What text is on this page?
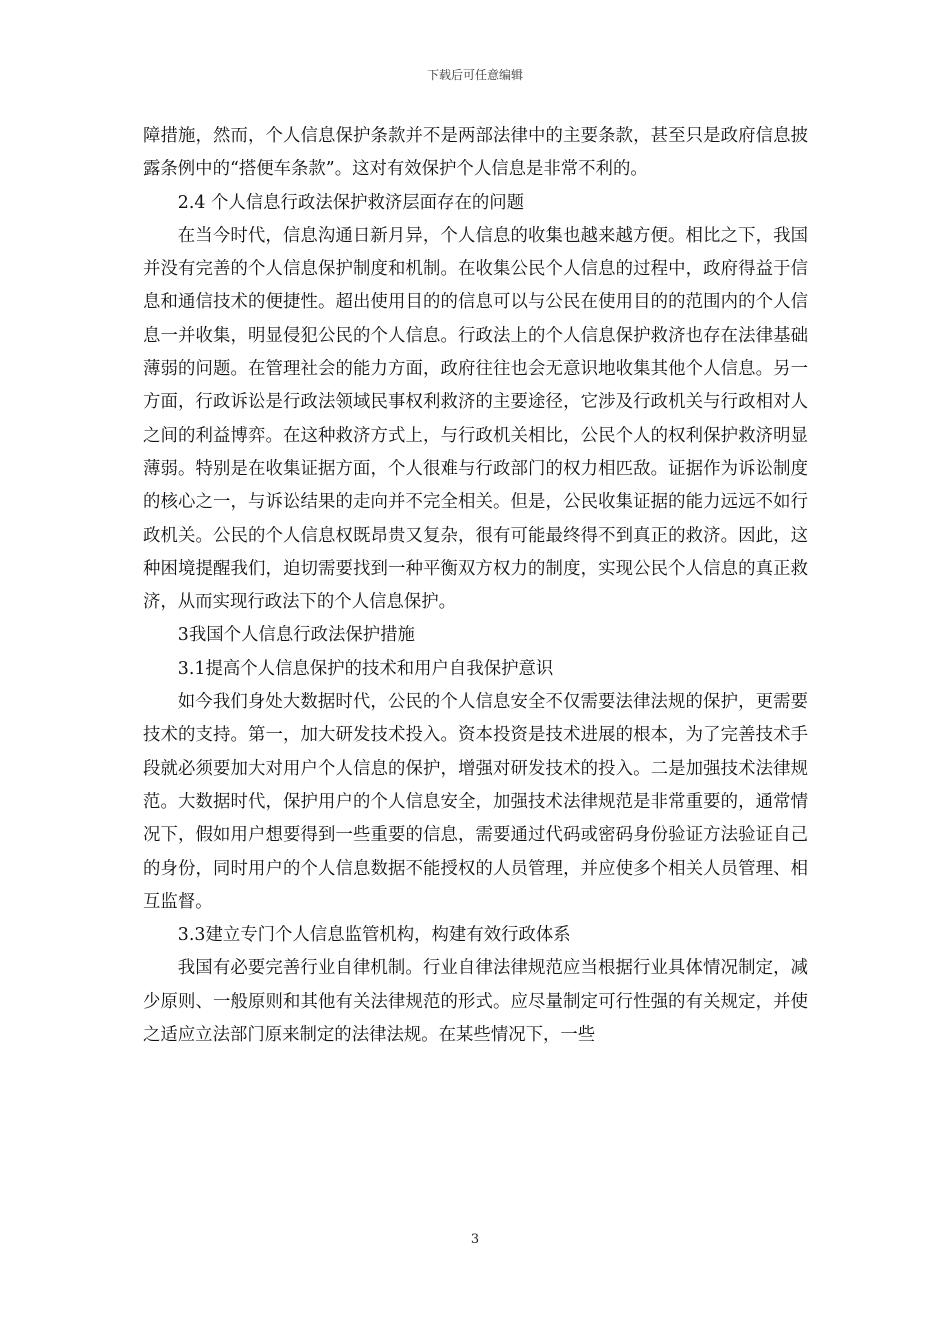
下载后可任意编辑

障措施，然而，个人信息保护条款并不是两部法律中的主要条款，甚至只是政府信息披露条例中的“搭便车条款”。这对有效保护个人信息是非常不利的。

2.4 个人信息行政法保护救济层面存在的问题

在当今时代，信息沟通日新月异，个人信息的收集也越来越方便。相比之下，我国并没有完善的个人信息保护制度和机制。在收集公民个人信息的过程中，政府得益于信息和通信技术的便捷性。超出使用目的的信息可以与公民在使用目的的范围内的个人信息一并收集，明显侵犯公民的个人信息。行政法上的个人信息保护救济也存在法律基础薄弱的问题。在管理社会的能力方面，政府往往也会无意识地收集其他个人信息。另一方面，行政诉讼是行政法领域民事权利救济的主要途径，它涉及行政机关与行政相对人之间的利益博弈。在这种救济方式上，与行政机关相比，公民个人的权利保护救济明显薄弱。特别是在收集证据方面，个人很难与行政部门的权力相匹敌。证据作为诉讼制度的核心之一，与诉讼结果的走向并不完全相关。但是，公民收集证据的能力远远不如行政机关。公民的个人信息权既昂贵又复杂，很有可能最终得不到真正的救济。因此，这种困境提醒我们，迫切需要找到一种平衡双方权力的制度，实现公民个人信息的真正救济，从而实现行政法下的个人信息保护。

3我国个人信息行政法保护措施

3.1提高个人信息保护的技术和用户自我保护意识

如今我们身处大数据时代，公民的个人信息安全不仅需要法律法规的保护，更需要技术的支持。第一，加大研发技术投入。资本投资是技术进展的根本，为了完善技术手段就必须要加大对用户个人信息的保护，增强对研发技术的投入。二是加强技术法律规范。大数据时代，保护用户的个人信息安全，加强技术法律规范是非常重要的，通常情况下，假如用户想要得到一些重要的信息，需要通过代码或密码身份验证方法验证自己的身份，同时用户的个人信息数据不能授权的人员管理，并应使多个相关人员管理、相互监督。

3.3建立专门个人信息监管机构，构建有效行政体系

我国有必要完善行业自律机制。行业自律法律规范应当根据行业具体情况制定，减少原则、一般原则和其他有关法律规范的形式。应尽量制定可行性强的有关规定，并使之适应立法部门原来制定的法律法规。在某些情况下，一些

3
